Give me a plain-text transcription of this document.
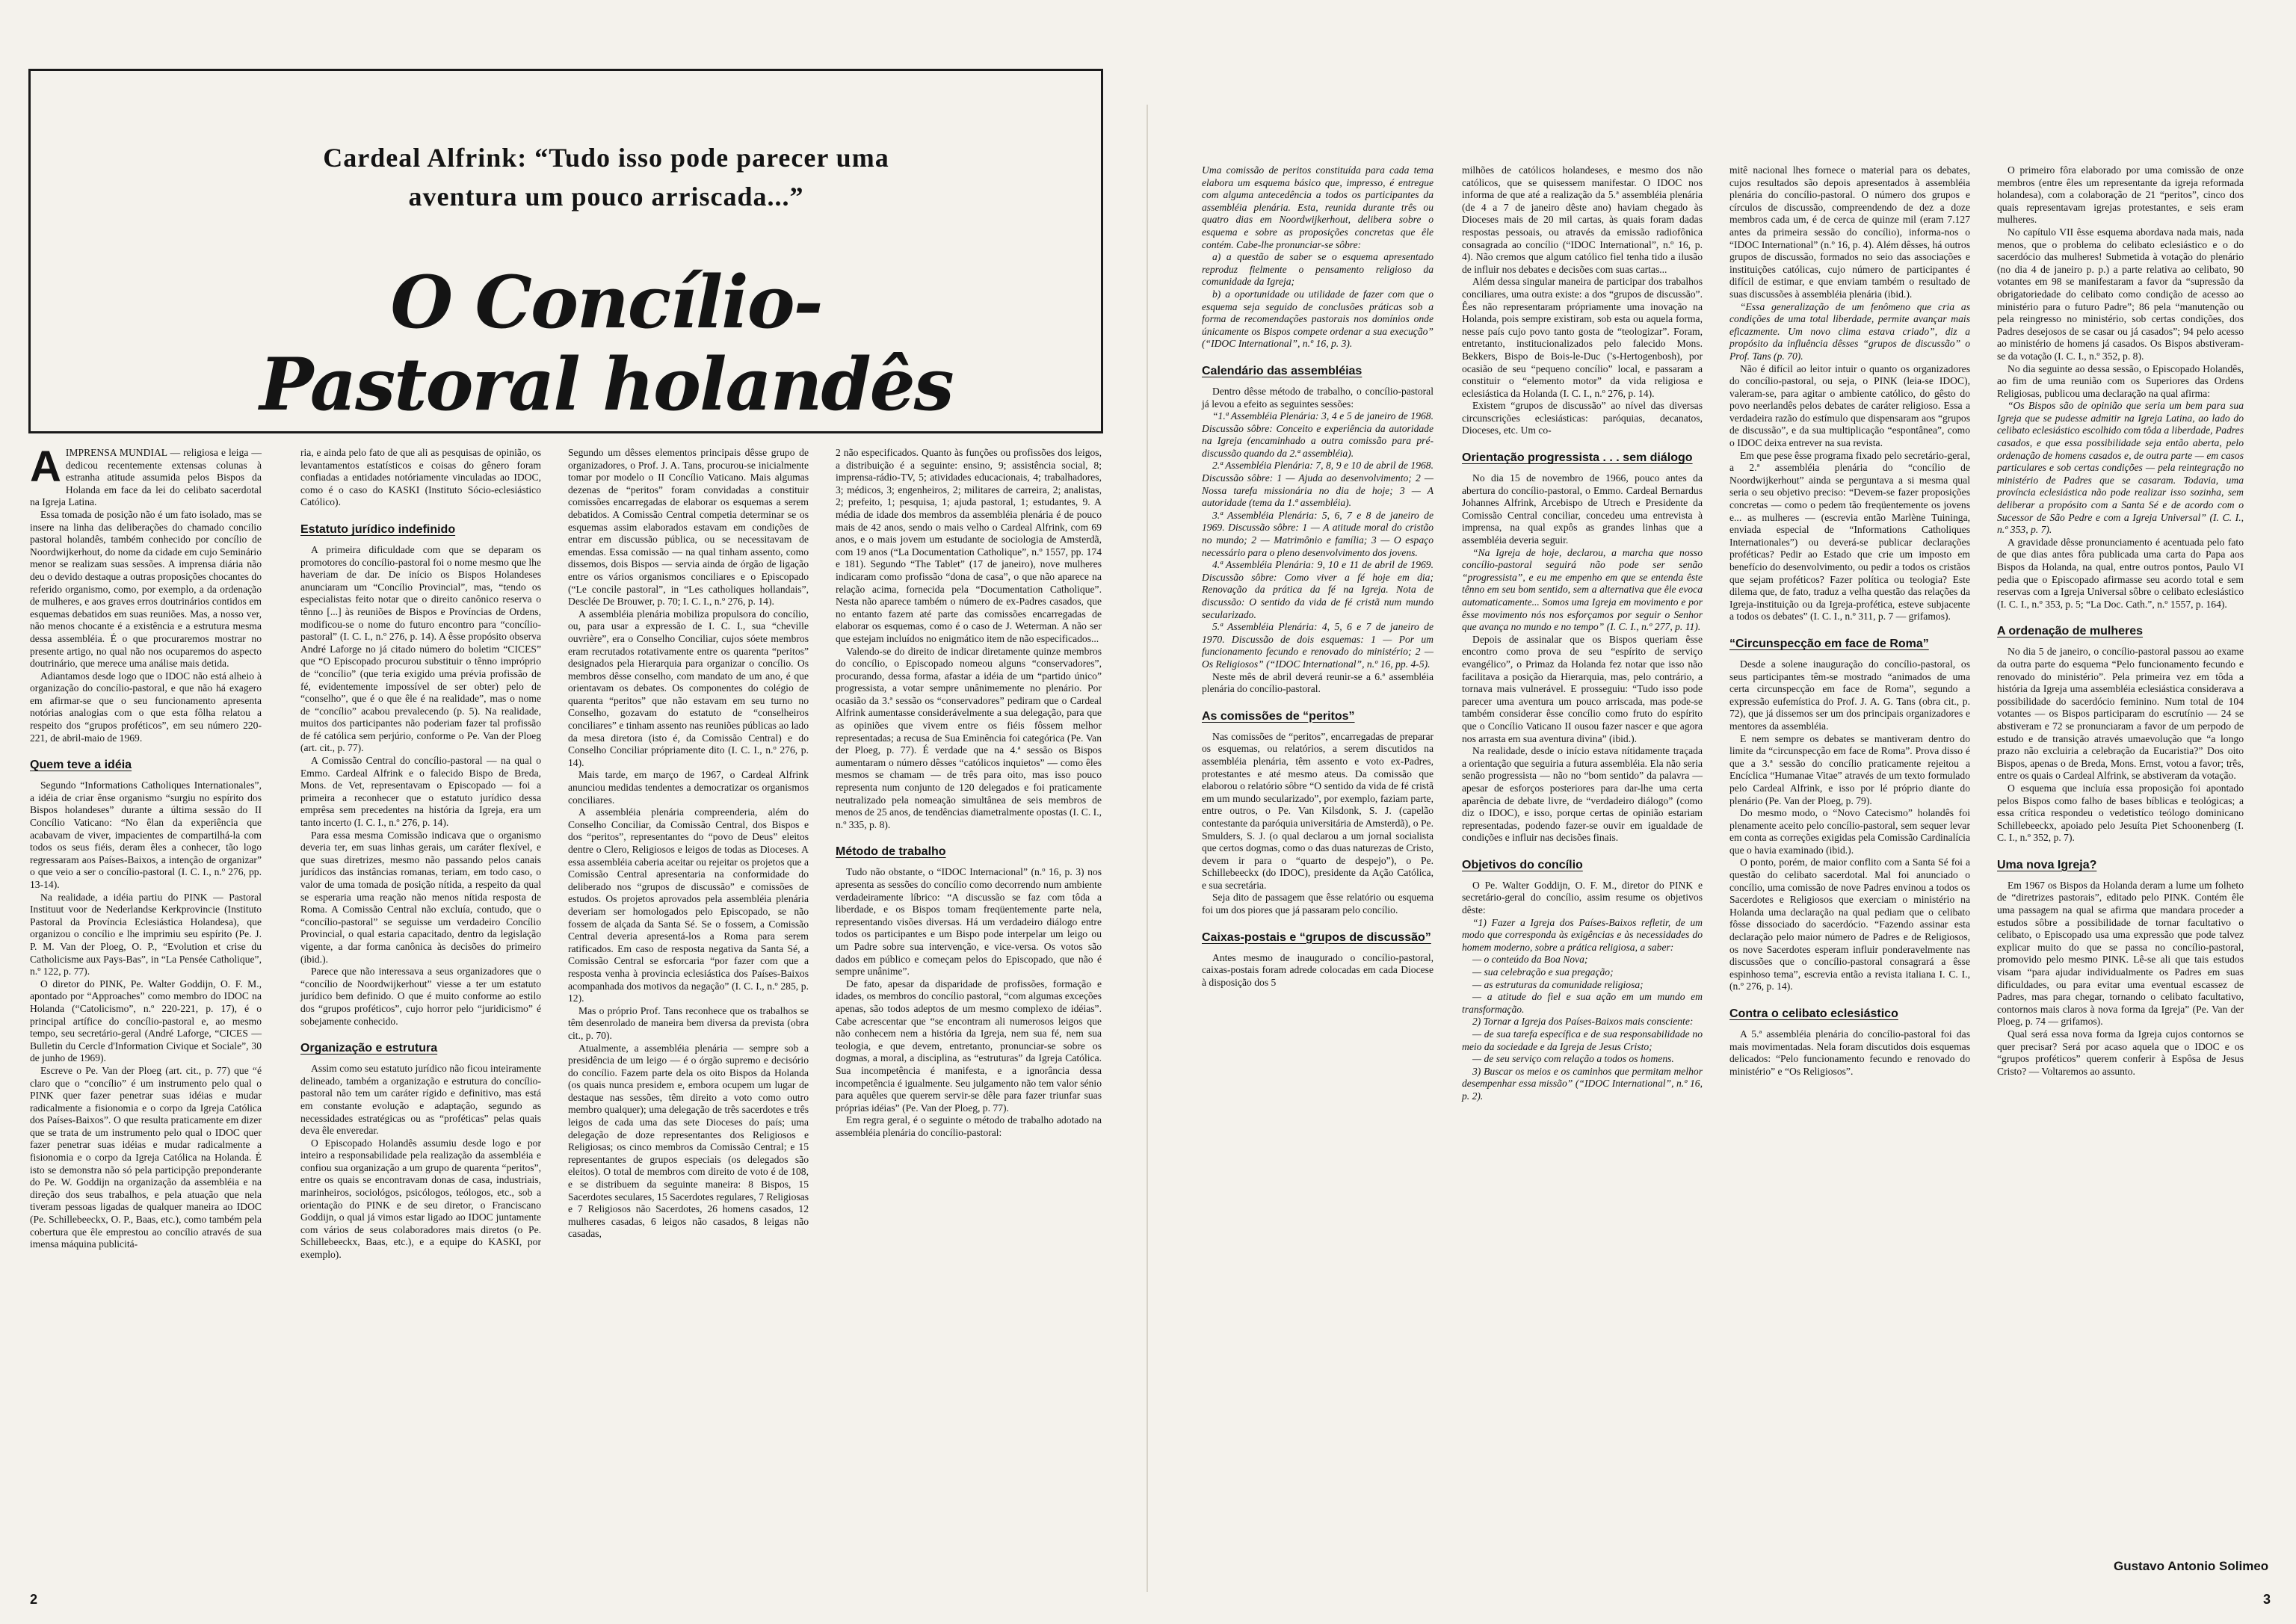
Cardeal Alfrink: “Tudo isso pode parecer uma aventura um pouco arriscada...”
O Concílio-Pastoral holandês

AIMPRENSA MUNDIAL — religiosa e leiga — dedicou recentemente extensas colunas à estranha atitude assumida pelos Bispos da Holanda em face da lei do celibato sacerdotal na Igreja Latina.

Essa tomada de posição não é um fato isolado, mas se insere na linha das deliberações do chamado concilio pastoral holandês, também conhecido por concílio de Noordwijkerhout, do nome da cidade em cujo Seminário menor se realizam suas sessões. A imprensa diária não deu o devido destaque a outras proposições chocantes do referido organismo, como, por exemplo, a da ordenação de mulheres, e aos graves erros doutrinários contidos em esquemas debatidos em suas reuniões. Mas, a nosso ver, não menos chocante é a existência e a estrutura mesma dessa assembléia. É o que procuraremos mostrar no presente artigo, no qual não nos ocuparemos do aspecto doutrinário, que merece uma análise mais detida.

Adiantamos desde logo que o IDOC não está alheio à organização do concílio-pastoral, e que não há exagero em afirmar-se que o seu funcionamento apresenta notórias analogias com o que esta fôlha relatou a respeito dos “grupos proféticos”, em seu número 220-221, de abril-maio de 1969.

Quem teve a idéia

Segundo “Informations Catholiques Internationales”, a idéia de criar ênse organismo “surgiu no espírito dos Bispos holandeses” durante a última sessão do II Concílio Vaticano: “No êlan da experiência que acabavam de viver, impacientes de compartilhá-la com todos os seus fiéis, deram êles a conhecer, tão logo regressaram aos Países-Baixos, a intenção de organizar” o que veio a ser o concílio-pastoral (I. C. I., n.º 276, pp. 13-14).

Na realidade, a idéia partiu do PINK — Pastoral Instituut voor de Nederlandse Kerkprovincie (Instituto Pastoral da Província Eclesiástica Holandesa), que organizou o concílio e lhe imprimiu seu espírito (Pe. J. P. M. Van der Ploeg, O. P., “Evolution et crise du Catholicisme aux Pays-Bas”, in “La Pensée Catholique”, n.º 122, p. 77).

O diretor do PINK, Pe. Walter Goddijn, O. F. M., apontado por “Approaches” como membro do IDOC na Holanda (“Catolicismo”, n.º 220-221, p. 17), é o principal artífice do concílio-pastoral e, ao mesmo tempo, seu secretário-geral (André Laforge, “CICES — Bulletin du Cercle d'Information Civique et Sociale”, 30 de junho de 1969).

Escreve o Pe. Van der Ploeg (art. cit., p. 77) que “é claro que o “concílio” é um instrumento pelo qual o PINK quer fazer penetrar suas idéias e mudar radicalmente a fisionomia e o corpo da Igreja Católica dos Países-Baixos”. O que resulta praticamente em dizer que se trata de um instrumento pelo qual o IDOC quer fazer penetrar suas idéias e mudar radicalmente a fisionomia e o corpo da Igreja Católica na Holanda. É isto se demonstra não só pela participção preponderante do Pe. W. Goddijn na organização da assembléia e na direção dos seus trabalhos, e pela atuação que nela tiveram pessoas ligadas de qualquer maneira ao IDOC (Pe. Schillebeeckx, O. P., Baas, etc.), como também pela cobertura que êle emprestou ao concílio através de sua imensa máquina publicitá-

ria, e ainda pelo fato de que ali as pesquisas de opinião, os levantamentos estatísticos e coisas do gênero foram confiadas a entidades notóriamente vinculadas ao IDOC, como é o caso do KASKI (Instituto Sócio-eclesiástico Católico).

Estatuto jurídico indefinido

A primeira dificuldade com que se deparam os promotores do concílio-pastoral foi o nome mesmo que lhe haveriam de dar. De início os Bispos Holandeses anunciaram um “Concílio Provincial”, mas, “tendo os especialistas feito notar que o direito canônico reserva o tênno [...] às reuniões de Bispos e Províncias de Ordens, modificou-se o nome do futuro encontro para “concílio-pastoral” (I. C. I., n.º 276, p. 14). A êsse propósito observa André Laforge no já citado número do boletim “CICES” que “O Episcopado procurou substituir o tênno impróprio de “concílio” (que teria exigido uma prévia profissão de fé, evidentemente impossível de ser obter) pelo de “conselho”, que é o que êle é na realidade”, mas o nome de “concílio” acabou prevalecendo (p. 5). Na realidade, muitos dos participantes não poderiam fazer tal profissão de fé católica sem perjúrio, conforme o Pe. Van der Ploeg (art. cit., p. 77).

A Comissão Central do concílio-pastoral — na qual o Emmo. Cardeal Alfrink e o falecido Bispo de Breda, Mons. de Vet, representavam o Episcopado — foi a primeira a reconhecer que o estatuto jurídico dessa emprêsa sem precedentes na história da Igreja, era um tanto incerto (I. C. I., n.º 276, p. 14).

Para essa mesma Comissão indicava que o organismo deveria ter, em suas linhas gerais, um caráter flexível, e que suas diretrizes, mesmo não passando pelos canais jurídicos das instâncias romanas, teriam, em todo caso, o valor de uma tomada de posição nítida, a respeito da qual se esperaria uma reação não menos nítida resposta de Roma. A Comissão Central não excluía, contudo, que o “concílio-pastoral” se seguisse um verdadeiro Concílio Provincial, o qual estaria capacitado, dentro da legislação vigente, a dar forma canônica às decisões do primeiro (ibid.).

Parece que não interessava a seus organizadores que o “concílio de Noordwijkerhout” viesse a ter um estatuto jurídico bem definido. O que é muito conforme ao estilo dos “grupos proféticos”, cujo horror pelo “juridicismo” é sobejamente conhecido.

Organização e estrutura

Assim como seu estatuto jurídico não ficou inteiramente delineado, também a organização e estrutura do concílio-pastoral não tem um caráter rígido e definitivo, mas está em constante evolução e adaptação, segundo as necessidades estratégicas ou as “proféticas” pelas quais deva êle enveredar.

O Episcopado Holandês assumiu desde logo e por inteiro a responsabilidade pela realização da assembléia e confiou sua organização a um grupo de quarenta “peritos”, entre os quais se encontravam donas de casa, industriais, marinheiros, sociológos, psicólogos, teólogos, etc., sob a orientação do PINK e de seu diretor, o Franciscano Goddijn, o qual já vimos estar ligado ao IDOC juntamente com vários de seus colaboradores mais diretos (o Pe. Schillebeeckx, Baas, etc.), e a equipe do KASKI, por exemplo).

Segundo um dêsses elementos principais dêsse grupo de organizadores, o Prof. J. A. Tans, procurou-se inicialmente tomar por modelo o II Concílio Vaticano. Mais algumas dezenas de “peritos” foram convidadas a constituir comissões encarregadas de elaborar os esquemas a serem debatidos. A Comissão Central competia determinar se os esquemas assim elaborados estavam em condições de entrar em discussão pública, ou se necessitavam de emendas. Essa comissão — na qual tinham assento, como dissemos, dois Bispos — servia ainda de órgão de ligação entre os vários organismos conciliares e o Episcopado (“Le concile pastoral”, in “Les catholiques hollandais”, Desclée De Brouwer, p. 70; I. C. I., n.º 276, p. 14).

A assembléia plenária mobiliza propulsora do concílio, ou, para usar a expressão de I. C. I., sua “cheville ouvrière”, era o Conselho Conciliar, cujos sóete membros eram recrutados rotativamente entre os quarenta “peritos” designados pela Hierarquia para organizar o concílio. Os membros dêsse conselho, com mandato de um ano, é que orientavam os debates. Os componentes do colégio de quarenta “peritos” que não estavam em seu turno no Conselho, gozavam do estatuto de “conselheiros conciliares” e tinham assento nas reuniões públicas ao lado da mesa diretora (isto é, da Comissão Central) e do Conselho Conciliar própriamente dito (I. C. I., n.º 276, p. 14).

Mais tarde, em março de 1967, o Cardeal Alfrink anunciou medidas tendentes a democratizar os organismos conciliares.

A assembléia plenária compreenderia, além do Conselho Conciliar, da Comissão Central, dos Bispos e dos “peritos”, representantes do “povo de Deus” eleitos dentre o Clero, Religiosos e leigos de todas as Dioceses. A essa assembléia caberia aceitar ou rejeitar os projetos que a Comissão Central apresentaria na conformidade do deliberado nos “grupos de discussão” e comissões de estudos. Os projetos aprovados pela assembléia plenária deveriam ser homologados pelo Episcopado, se não fossem de alçada da Santa Sé. Se o fossem, a Comissão Central deveria apresentá-los a Roma para serem ratificados. Em caso de resposta negativa da Santa Sé, a Comissão Central se esforcaria “por fazer com que a resposta venha à provincia eclesiástica dos Países-Baixos acompanhada dos motivos da negação” (I. C. I., n.º 285, p. 12).

Mas o próprio Prof. Tans reconhece que os trabalhos se têm desenrolado de maneira bem diversa da prevista (obra cit., p. 70).

Atualmente, a assembléia plenária — sempre sob a presidência de um leigo — é o órgão supremo e decisório do concílio. Fazem parte dela os oito Bispos da Holanda (os quais nunca presidem e, embora ocupem um lugar de destaque nas sessões, têm direito a voto como outro membro qualquer); uma delegação de três sacerdotes e três leigos de cada uma das sete Dioceses do país; uma delegação de doze representantes dos Religiosos e Religiosas; os cinco membros da Comissão Central; e 15 representantes de grupos especiais (os delegados são eleitos). O total de membros com direito de voto é de 108, e se distribuem da seguinte maneira: 8 Bispos, 15 Sacerdotes seculares, 15 Sacerdotes regulares, 7 Religiosas e 7 Religiosos não Sacerdotes, 26 homens casados, 12 mulheres casadas, 6 leigos não casados, 8 leigas não casadas,

2 não especificados. Quanto às funções ou profissões dos leigos, a distribuição é a seguinte: ensino, 9; assistência social, 8; imprensa-rádio-TV, 5; atividades educacionais, 4; trabalhadores, 3; médicos, 3; engenheiros, 2; militares de carreira, 2; analistas, 2; prefeito, 1; pesquisa, 1; ajuda pastoral, 1; estudantes, 9. A média de idade dos membros da assembléia plenária é de pouco mais de 42 anos, sendo o mais velho o Cardeal Alfrink, com 69 anos, e o mais jovem um estudante de sociologia de Amsterdã, com 19 anos (“La Documentation Catholique”, n.º 1557, pp. 174 e 181). Segundo “The Tablet” (17 de janeiro), nove mulheres indicaram como profissão “dona de casa”, o que não aparece na relação acima, fornecida pela “Documentation Catholique”. Nesta não aparece também o número de ex-Padres casados, que no entanto fazem até parte das comissões encarregadas de elaborar os esquemas, como é o caso de J. Weterman. A não ser que estejam incluídos no enigmático item de não especificados...

Valendo-se do direito de indicar diretamente quinze membros do concílio, o Episcopado nomeou alguns “conservadores”, procurando, dessa forma, afastar a idéia de um “partido único” progressista, a votar sempre unânimemente no plenário. Por ocasião da 3.ª sessão os “conservadores” pediram que o Cardeal Alfrink aumentasse considerávelmente a sua delegação, para que as opiniões que vivem entre os fiéis fôssem melhor representadas; a recusa de Sua Eminência foi categórica (Pe. Van der Ploeg, p. 77). É verdade que na 4.ª sessão os Bispos aumentaram o número dêsses “católicos inquietos” — como êles mesmos se chamam — de três para oito, mas isso pouco representa num conjunto de 120 delegados e foi praticamente neutralizado pela nomeação simultânea de seis membros de menos de 25 anos, de tendências diametralmente opostas (I. C. I., n.º 335, p. 8).

Método de trabalho

Tudo não obstante, o “IDOC Internacional” (n.º 16, p. 3) nos apresenta as sessões do concílio como decorrendo num ambiente verdadeiramente líbrico: “A discussão se faz com tôda a liberdade, e os Bispos tomam freqüentemente parte nela, representando visões diversas. Há um verdadeiro diálogo entre todos os participantes e um Bispo pode interpelar um leigo ou um Padre sobre sua intervenção, e vice-versa. Os votos são dados em público e começam pelos do Episcopado, que não é sempre unânime”.

De fato, apesar da disparidade de profissões, formação e idades, os membros do concílio pastoral, “com algumas exceções apenas, são todos adeptos de um mesmo complexo de idéias”. Cabe acrescentar que “se encontram ali numerosos leigos que não conhecem nem a história da Igreja, nem sua fé, nem sua teologia, e que devem, entretanto, pronunciar-se sobre os dogmas, a moral, a disciplina, as “estruturas” da Igreja Católica. Sua incompetência é manifesta, e a ignorância dessa incompetência é igualmente. Seu julgamento não tem valor sénio para aquêles que querem servir-se dêle para fazer triunfar suas próprias idéias” (Pe. Van der Ploeg, p. 77).

Em regra geral, é o seguinte o método de trabalho adotado na assembléia plenária do concílio-pastoral:

2

Uma comissão de peritos constituída para cada tema elabora um esquema básico que, impresso, é entregue com alguma antecedência a todos os participantes da assembléia plenária. Esta, reunida durante três ou quatro dias em Noordwijkerhout, delibera sobre o esquema e sobre as proposições concretas que êle contém. Cabe-lhe pronunciar-se sôbre:

a) a questão de saber se o esquema apresentado reproduz fielmente o pensamento religioso da comunidade da Igreja;

b) a oportunidade ou utilidade de fazer com que o esquema seja seguido de conclusões práticas sob a forma de recomendações pastorais nos domínios onde únicamente os Bispos compete ordenar a sua execução” (“IDOC International”, n.º 16, p. 3).

Calendário das assembléias

Dentro dêsse método de trabalho, o concílio-pastoral já levou a efeito as seguintes sessões:

“1.ª Assembléia Plenária: 3, 4 e 5 de janeiro de 1968. Discussão sôbre: Conceito e experiência da autoridade na Igreja (encaminhado a outra comissão para pré-discussão quando da 2.ª assembléia).

2.ª Assembléia Plenária: 7, 8, 9 e 10 de abril de 1968. Discussão sôbre: 1 — Ajuda ao desenvolvimento; 2 — Nossa tarefa missionária no dia de hoje; 3 — A autoridade (tema da 1.ª assembléia).

3.ª Assembléia Plenária: 5, 6, 7 e 8 de janeiro de 1969. Discussão sôbre: 1 — A atitude moral do cristão no mundo; 2 — Matrimônio e família; 3 — O espaço necessário para o pleno desenvolvimento dos jovens.

4.ª Assembléia Plenária: 9, 10 e 11 de abril de 1969. Discussão sôbre: Como viver a fé hoje em dia; Renovação da prática da fé na Igreja. Nota de discussão: O sentido da vida de fé cristã num mundo secularizado.

5.ª Assembléia Plenária: 4, 5, 6 e 7 de janeiro de 1970. Discussão de dois esquemas: 1 — Por um funcionamento fecundo e renovado do ministério; 2 — Os Religiosos” (“IDOC International”, n.º 16, pp. 4-5).

Neste mês de abril deverá reunir-se a 6.ª assembléia plenária do concílio-pastoral.

As comissões de “peritos”

Nas comissões de “peritos”, encarregadas de preparar os esquemas, ou relatórios, a serem discutidos na assembléia plenária, têm assento e voto ex-Padres, protestantes e até mesmo ateus. Da comissão que elaborou o relatório sôbre “O sentido da vida de fé cristã em um mundo secularizado”, por exemplo, faziam parte, entre outros, o Pe. Van Kilsdonk, S. J. (capelão contestante da paróquia universitária de Amsterdã), o Pe. Smulders, S. J. (o qual declarou a um jornal socialista que certos dogmas, como o das duas naturezas de Cristo, devem ir para o “quarto de despejo”), o Pe. Schillebeeckx (do IDOC), presidente da Ação Católica, e sua secretária.

Seja dito de passagem que êsse relatório ou esquema foi um dos piores que já passaram pelo concílio.

Caixas-postais e “grupos de discussão”

Antes mesmo de inaugurado o concílio-pastoral, caixas-postais foram adrede colocadas em cada Diocese à disposição dos 5

milhões de católicos holandeses, e mesmo dos não católicos, que se quisessem manifestar. O IDOC nos informa de que até a realização da 5.ª assembléia plenária (de 4 a 7 de janeiro dêste ano) haviam chegado às Dioceses mais de 20 mil cartas, às quais foram dadas respostas pessoais, ou através da emissão radiofônica consagrada ao concílio (“IDOC International”, n.º 16, p. 4). Não cremos que algum católico fiel tenha tido a ilusão de influir nos debates e decisões com suas cartas...

Além dessa singular maneira de participar dos trabalhos conciliares, uma outra existe: a dos “grupos de discussão”. Êes não representaram própriamente uma inovação na Holanda, pois sempre existiram, sob esta ou aquela forma, nesse país cujo povo tanto gosta de “teologizar”. Foram, entretanto, institucionalizados pelo falecido Mons. Bekkers, Bispo de Bois-le-Duc ('s-Hertogenbosh), por ocasião de seu “pequeno concílio” local, e passaram a constituir o “elemento motor” da vida religiosa e eclesiástica da Holanda (I. C. I., n.º 276, p. 14).

Existem “grupos de discussão” ao nível das diversas circunscrições eclesiásticas: paróquias, decanatos, Dioceses, etc. Um co-

Orientação progressista . . . sem diálogo

No dia 15 de novembro de 1966, pouco antes da abertura do concílio-pastoral, o Emmo. Cardeal Bernardus Johannes Alfrink, Arcebispo de Utrech e Presidente da Comissão Central conciliar, concedeu uma entrevista à imprensa, na qual expôs as grandes linhas que a assembléia deveria seguir.

“Na Igreja de hoje, declarou, a marcha que nosso concílio-pastoral seguirá não pode ser senão “progressista”, e eu me empenho em que se entenda êste tênno em seu bom sentido, sem a alternativa que êle evoca automaticamente... Somos uma Igreja em movimento e por êsse movimento nós nos esforçamos por seguir o Senhor que avança no mundo e no tempo” (I. C. I., n.º 277, p. 11).

Depois de assinalar que os Bispos queriam êsse encontro como prova de seu “espírito de serviço evangélico”, o Primaz da Holanda fez notar que isso não facilitava a posição da Hierarquia, mas, pelo contrário, a tornava mais vulnerável. E prosseguiu: “Tudo isso pode parecer uma aventura um pouco arriscada, mas pode-se também considerar êsse concílio como fruto do espírito que o Concílio Vaticano II ousou fazer nascer e que agora nos arrasta em sua aventura divina” (ibid.).

Na realidade, desde o início estava nítidamente traçada a orientação que seguiria a futura assembléia. Ela não seria senão progressista — não no “bom sentido” da palavra — apesar de esforços posteriores para dar-lhe uma certa aparência de debate livre, de “verdadeiro diálogo” (como diz o IDOC), e isso, porque certas de opinião estariam representadas, podendo fazer-se ouvir em igualdade de condições e influir nas decisões finais.

Objetivos do concílio

O Pe. Walter Goddijn, O. F. M., diretor do PINK e secretário-geral do concílio, assim resume os objetivos dêste:

“1) Fazer a Igreja dos Países-Baixos refletir, de um modo que corresponda às exigências e às necessidades do homem moderno, sobre a prática religiosa, a saber:

— o conteúdo da Boa Nova;

— sua celebração e sua pregação;

— as estruturas da comunidade religiosa;

— a atitude do fiel e sua ação em um mundo em transformação.

2) Tornar a Igreja dos Países-Baixos mais consciente:

— de sua tarefa específica e de sua responsabilidade no meio da sociedade e da Igreja de Jesus Cristo;

— de seu serviço com relação a todos os homens.

3) Buscar os meios e os caminhos que permitam melhor desempenhar essa missão” (“IDOC International”, n.º 16, p. 2).

mitê nacional lhes fornece o material para os debates, cujos resultados são depois apresentados à assembléia plenária do concílio-pastoral. O número dos grupos e círculos de discussão, compreendendo de dez a doze membros cada um, é de cerca de quinze mil (eram 7.127 antes da primeira sessão do concílio), informa-nos o “IDOC International” (n.º 16, p. 4). Além dêsses, há outros grupos de discussão, formados no seio das associações e instituições católicas, cujo número de participantes é difícil de estimar, e que enviam também o resultado de suas discussões à assembléia plenária (ibid.).

“Essa generalização de um fenômeno que cria as condições de uma total liberdade, permite avançar mais eficazmente. Um novo clima estava criado”, diz a propósito da influência dêsses “grupos de discussão” o Prof. Tans (p. 70).

Não é difícil ao leitor intuir o quanto os organizadores do concílio-pastoral, ou seja, o PINK (leia-se IDOC), valeram-se, para agitar o ambiente católico, do gêsto do povo neerlandês pelos debates de caráter religioso. Essa a verdadeira razão do estímulo que dispensaram aos “grupos de discussão”, e da sua multiplicação “espontânea”, como o IDOC deixa entrever na sua revista.

Em que pese êsse programa fixado pelo secretário-geral, a 2.ª assembléia plenária do “concílio de Noordwijkerhout” ainda se perguntava a si mesma qual seria o seu objetivo preciso: “Devem-se fazer proposições concretas — como o pedem tão freqüentemente os jovens e... as mulheres — (escrevia então Marlène Tuininga, enviada especial de “Informations Catholiques Internationales”) ou deverá-se publicar declarações proféticas? Pedir ao Estado que crie um imposto em benefício do desenvolvimento, ou pedir a todos os cristãos que sejam proféticos? Fazer política ou teologia? Este dilema que, de fato, traduz a velha questão das relações da Igreja-instituição ou da Igreja-profética, esteve subjacente a todos os debates” (I. C. I., n.º 311, p. 7 — grifamos).

“Circunspecção em face de Roma”

Desde a solene inauguração do concílio-pastoral, os seus participantes têm-se mostrado “animados de uma certa circunspecção em face de Roma”, segundo a expressão eufemística do Prof. J. A. G. Tans (obra cit., p. 72), que já dissemos ser um dos principais organizadores e mentores da assembléia.

E nem sempre os debates se mantiveram dentro do limite da “circunspecção em face de Roma”. Prova disso é que a 3.ª sessão do concílio praticamente rejeitou a Encíclica “Humanae Vitae” através de um texto formulado pelo Cardeal Alfrink, e isso por lé próprio diante do plenário (Pe. Van der Ploeg, p. 79).

Do mesmo modo, o “Novo Catecismo” holandês foi plenamente aceito pelo concílio-pastoral, sem sequer levar em conta as correções exigidas pela Comissão Cardinalícia que o havia examinado (ibid.).

O ponto, porém, de maior conflito com a Santa Sé foi a questão do celibato sacerdotal. Mal foi anunciado o concílio, uma comissão de nove Padres envinou a todos os Sacerdotes e Religiosos que exerciam o ministério na Holanda uma declaração na qual pediam que o celibato fôsse dissociado do sacerdócio. “Fazendo assinar esta declaração pelo maior número de Padres e de Religiosos, os nove Sacerdotes esperam influir ponderavelmente nas discussões que o concílio-pastoral consagrará a êsse espinhoso tema”, escrevia então a revista italiana I. C. I., (n.º 276, p. 14).

Contra o celibato eclesiástico

A 5.ª assembléia plenária do concílio-pastoral foi das mais movimentadas. Nela foram discutidos dois esquemas delicados: “Pelo funcionamento fecundo e renovado do ministério” e “Os Religiosos”.

O primeiro fôra elaborado por uma comissão de onze membros (entre êles um representante da igreja reformada holandesa), com a colaboração de 21 “peritos”, cinco dos quais representavam igrejas protestantes, e seis eram mulheres.

No capítulo VII êsse esquema abordava nada mais, nada menos, que o problema do celibato eclesiástico e o do sacerdócio das mulheres! Submetida à votação do plenário (no dia 4 de janeiro p. p.) a parte relativa ao celibato, 90 votantes em 98 se manifestaram a favor da “supressão da obrigatoriedade do celibato como condição de acesso ao ministério para o futuro Padre”; 86 pela “manutenção ou pela reingresso no ministério, sob certas condições, dos Padres desejosos de se casar ou já casados”; 94 pelo acesso ao ministério de homens já casados. Os Bispos abstiveram-se da votação (I. C. I., n.º 352, p. 8).

No dia seguinte ao dessa sessão, o Episcopado Holandês, ao fim de uma reunião com os Superiores das Ordens Religiosas, publicou uma declaração na qual afirma:

“Os Bispos são de opinião que seria um bem para sua Igreja que se pudesse admitir na Igreja Latina, ao lado do celibato eclesiástico escolhido com tôda a liberdade, Padres casados, e que essa possibilidade seja então aberta, pelo ordenação de homens casados e, de outra parte — em casos particulares e sob certas condições — pela reintegração no ministério de Padres que se casaram. Todavia, uma província eclesiástica não pode realizar isso sozinha, sem deliberar a propósito com a Santa Sé e de acordo com o Sucessor de São Pedre e com a Igreja Universal” (I. C. I., n.º 353, p. 7).

A gravidade dêsse pronunciamento é acentuada pelo fato de que dias antes fôra publicada uma carta do Papa aos Bispos da Holanda, na qual, entre outros pontos, Paulo VI pedia que o Episcopado afirmasse seu acordo total e sem reservas com a Igreja Universal sôbre o celibato eclesiástico (I. C. I., n.º 353, p. 5; “La Doc. Cath.”, n.º 1557, p. 164).

A ordenação de mulheres

No dia 5 de janeiro, o concílio-pastoral passou ao exame da outra parte do esquema “Pelo funcionamento fecundo e renovado do ministério”. Pela primeira vez em tôda a história da Igreja uma assembléia eclesiástica considerava a possibilidade do sacerdócio feminino. Num total de 104 votantes — os Bispos participaram do escrutínio — 24 se abstiveram e 72 se pronunciaram a favor de um perpodo de estudo e de transição através umaevolução que “a longo prazo não excluiria a celebração da Eucaristia?” Dos oito Bispos, apenas o de Breda, Mons. Ernst, votou a favor; três, entre os quais o Cardeal Alfrink, se abstiveram da votação.

O esquema que incluía essa proposição foi apontado pelos Bispos como falho de bases bíblicas e teológicas; a essa crítica respondeu o vedetistíco teólogo dominicano Schillebeeckx, apoiado pelo Jesuíta Piet Schoonenberg (I. C. I., n.º 352, p. 7).

Uma nova Igreja?

Em 1967 os Bispos da Holanda deram a lume um folheto de “diretrizes pastorais”, editado pelo PINK. Contém êle uma passagem na qual se afirma que mandara proceder a estudos sôbre a possibilidade de tornar facultativo o celibato, o Episcopado usa uma expressão que pode talvez explicar muito do que se passa no concílio-pastoral, promovido pelo mesmo PINK. Lê-se ali que tais estudos visam “para ajudar individualmente os Padres em suas dificuldades, ou para evitar uma eventual escassez de Padres, mas para chegar, tornando o celibato facultativo, contornos mais claros à nova forma da Igreja” (Pe. Van der Ploeg, p. 74 — grifamos).

Qual será essa nova forma da Igreja cujos contornos se quer precisar? Será por acaso aquela que o IDOC e os “grupos proféticos” querem conferir à Espôsa de Jesus Cristo? — Voltaremos ao assunto.

Gustavo Antonio Solimeo
3
